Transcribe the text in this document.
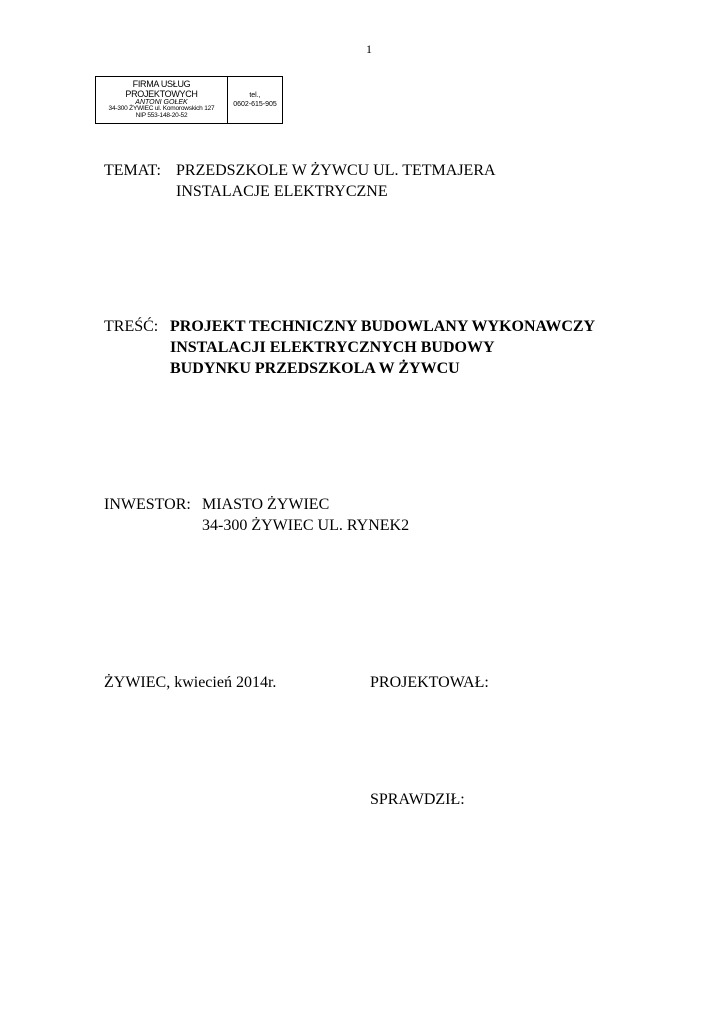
1
FIRMA USŁUG
PROJEKTOWYCH
ANTONI GOŁEK
34-300 ŻYWIEC ul. Komorowskich 127
NIP 553-148-20-52
tel.,
0602-615-905
TEMAT: PRZEDSZKOLE W ŻYWCU UL. TETMAJERA
INSTALACJE ELEKTRYCZNE
TREŚĆ: PROJEKT TECHNICZNY BUDOWLANY WYKONAWCZY
INSTALACJI ELEKTRYCZNYCH BUDOWY
BUDYNKU PRZEDSZKOLA W ŻYWCU
INWESTOR: MIASTO ŻYWIEC
34-300 ŻYWIEC UL. RYNEK2
ŻYWIEC, kwiecień 2014r.	PROJEKTOWAŁ:
SPRAWDZIŁ:
